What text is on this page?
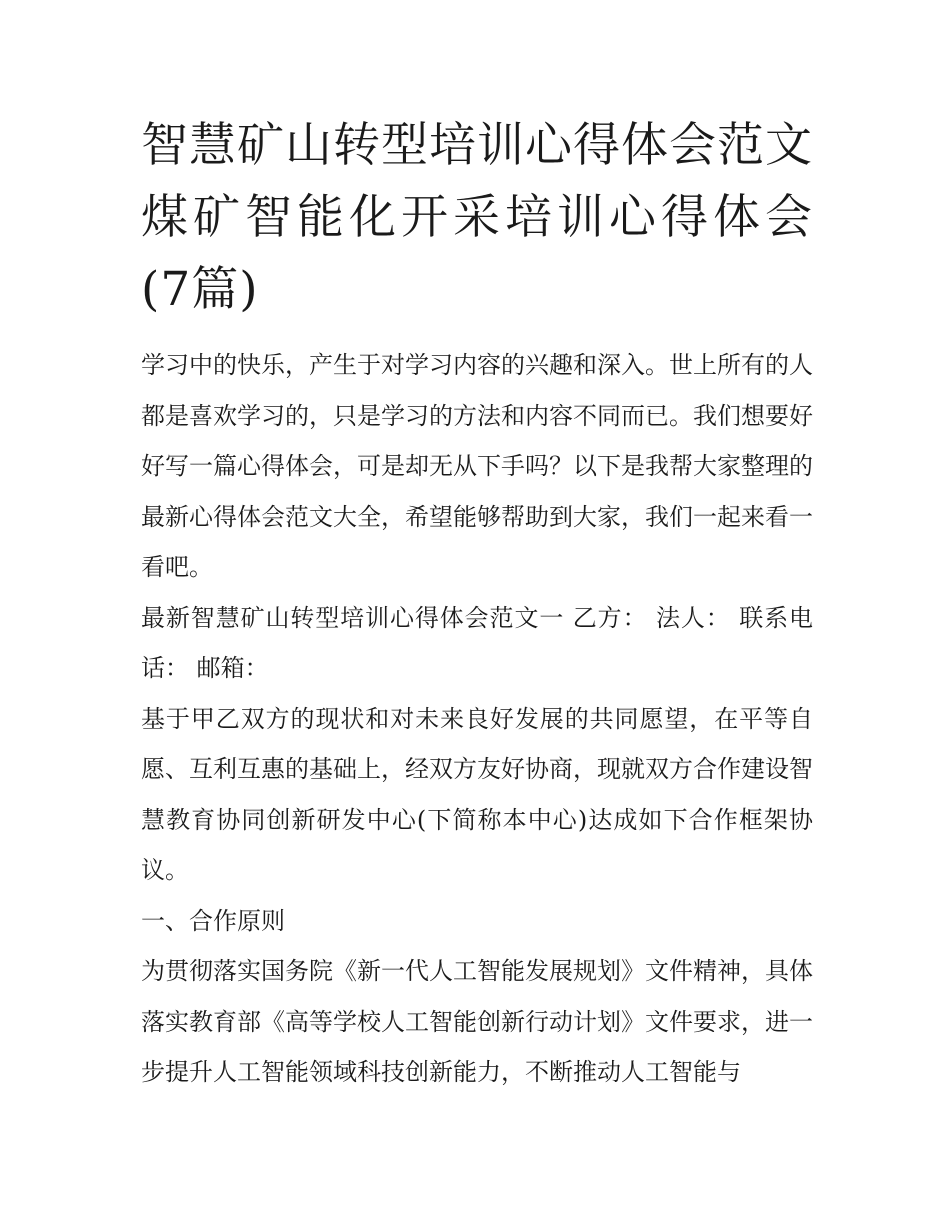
智慧矿山转型培训心得体会范文 煤矿智能化开采培训心得体会(7篇)

学习中的快乐，产生于对学习内容的兴趣和深入。世上所有的人都是喜欢学习的，只是学习的方法和内容不同而已。我们想要好好写一篇心得体会，可是却无从下手吗？以下是我帮大家整理的最新心得体会范文大全，希望能够帮助到大家，我们一起来看一看吧。

最新智慧矿山转型培训心得体会范文一 乙方： 法人： 联系电话： 邮箱：

基于甲乙双方的现状和对未来良好发展的共同愿望，在平等自愿、互利互惠的基础上，经双方友好协商，现就双方合作建设智慧教育协同创新研发中心(下简称本中心)达成如下合作框架协议。

一、合作原则

为贯彻落实国务院《新一代人工智能发展规划》文件精神，具体落实教育部《高等学校人工智能创新行动计划》文件要求，进一步提升人工智能领域科技创新能力，不断推动人工智能与
